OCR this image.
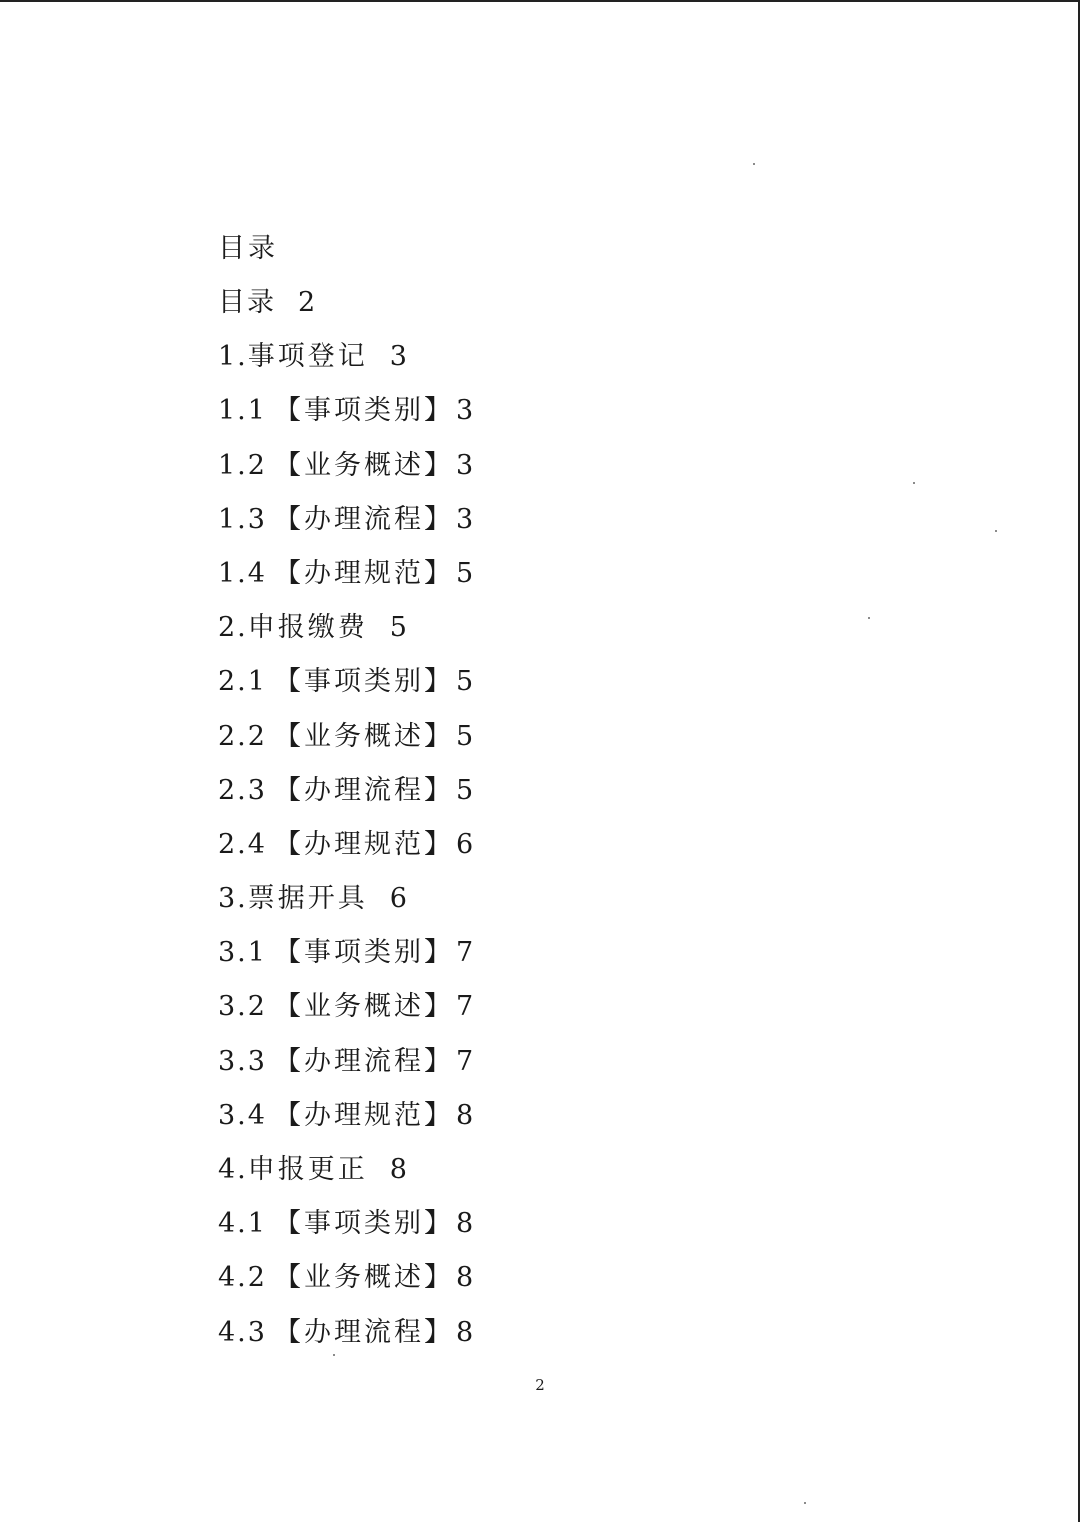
目录
目录 2
1.事项登记 3
1.1 【事项类别】 3
1.2 【业务概述】 3
1.3 【办理流程】 3
1.4 【办理规范】 5
2.申报缴费 5
2.1 【事项类别】 5
2.2 【业务概述】 5
2.3 【办理流程】 5
2.4 【办理规范】 6
3.票据开具 6
3.1 【事项类别】 7
3.2 【业务概述】 7
3.3 【办理流程】 7
3.4 【办理规范】 8
4.申报更正 8
4.1 【事项类别】 8
4.2 【业务概述】 8
4.3 【办理流程】 8
2
